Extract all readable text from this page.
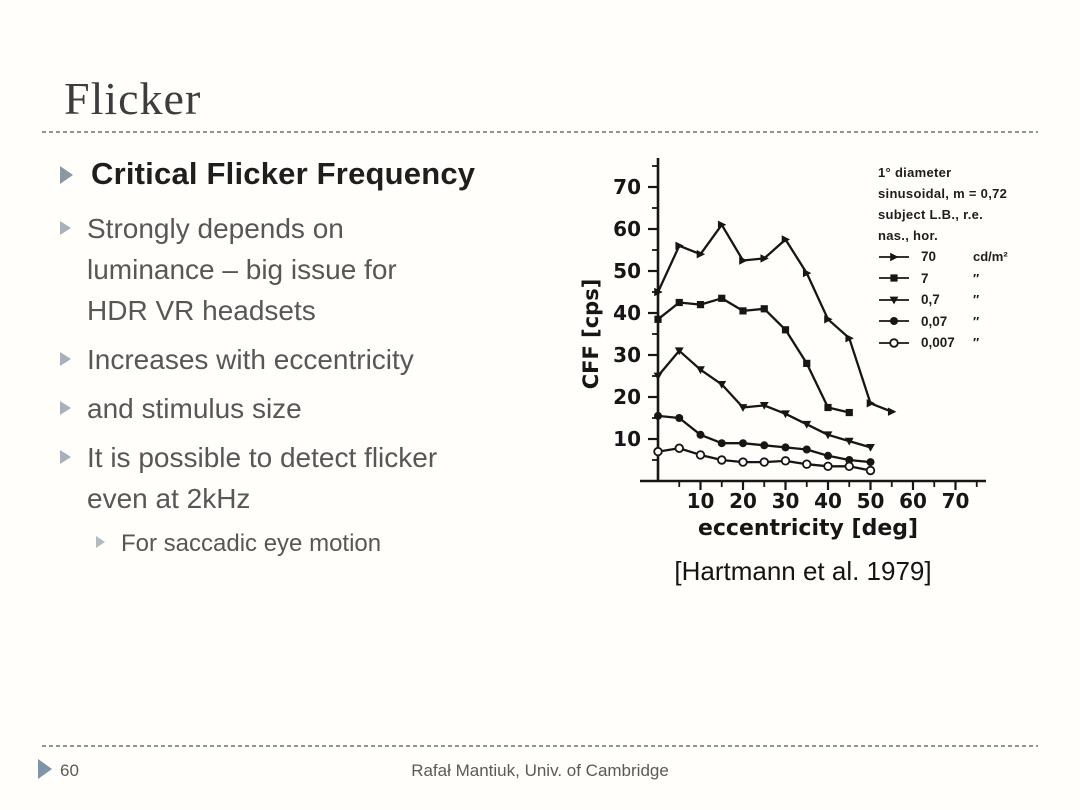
Flicker
Critical Flicker Frequency
Strongly depends on luminance – big issue for HDR VR headsets
Increases with eccentricity
and stimulus size
It is possible to detect flicker even at 2kHz
For saccadic eye motion
10 20 30 40 50 60 70
10
20
30
40
50
60
70
CFF [cps]
eccentricity [deg]
1° diameter
sinusoidal, m = 0,72
subject L.B., r.e.
nas., hor.
70	cd/m²
7	″
0,7	″
0,07	″
0,007	″
[Hartmann et al. 1979]
60	Rafał Mantiuk, Univ. of Cambridge
